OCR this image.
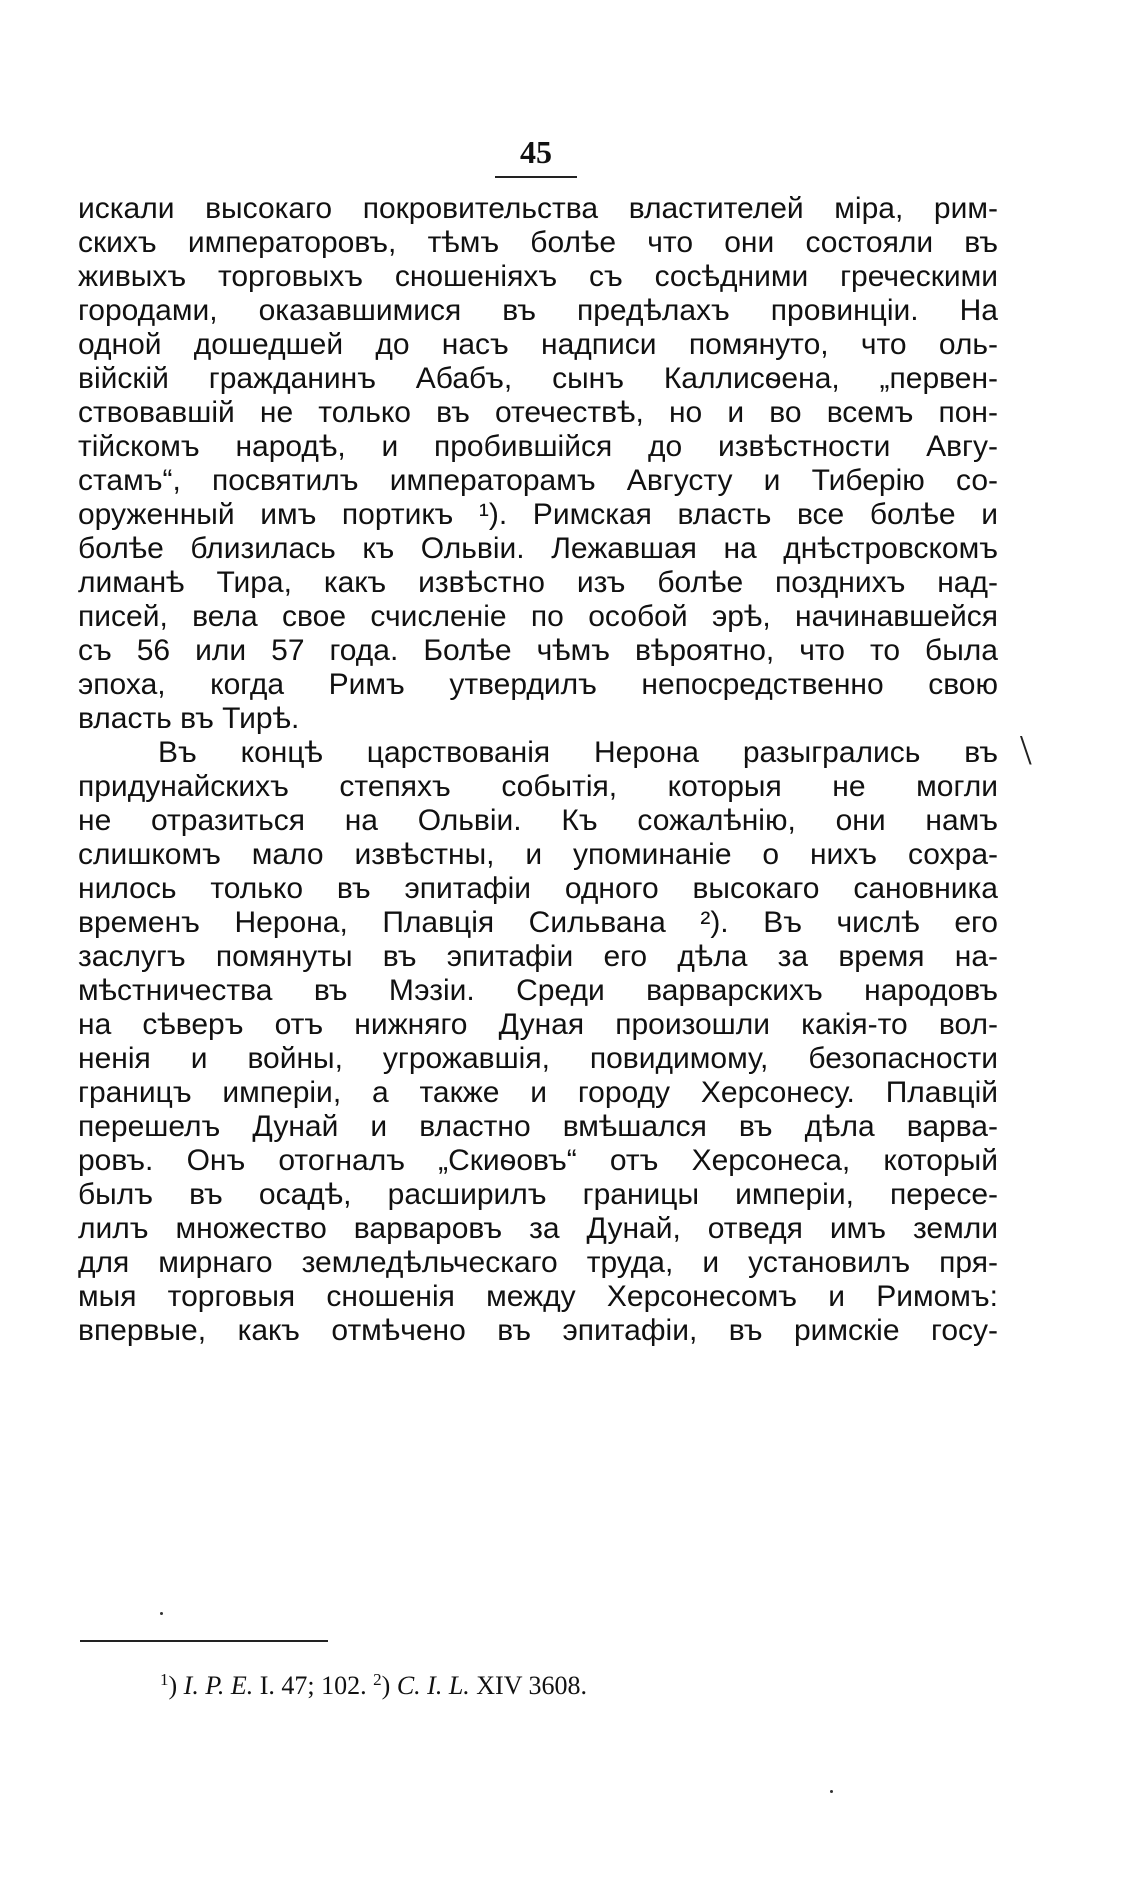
45
искали высокаго покровительства властителей міра, рим-
скихъ императоровъ, тѣмъ болѣе что они состояли въ
живыхъ торговыхъ сношеніяхъ съ сосѣдними греческими
городами, оказавшимися въ предѣлахъ провинціи. На
одной дошедшей до насъ надписи помянуто, что оль-
війскій гражданинъ Абабъ, сынъ Каллисѳена, „первен-
ствовавшій не только въ отечествѣ, но и во всемъ пон-
тійскомъ народѣ, и пробившійся до извѣстности Авгу-
стамъ“, посвятилъ императорамъ Августу и Тиберію со-
оруженный имъ портикъ ¹). Римская власть все болѣе и
болѣе близилась къ Ольвіи. Лежавшая на днѣстровскомъ
лиманѣ Тира, какъ извѣстно изъ болѣе позднихъ над-
писей, вела свое счисленіе по особой эрѣ, начинавшейся
съ 56 или 57 года. Болѣе чѣмъ вѣроятно, что то была
эпоха, когда Римъ утвердилъ непосредственно свою
власть въ Тирѣ.
Въ концѣ царствованія Нерона разыгрались въ
придунайскихъ степяхъ событія, которыя не могли
не отразиться на Ольвіи. Къ сожалѣнію, они намъ
слишкомъ мало извѣстны, и упоминаніе о нихъ сохра-
нилось только въ эпитафіи одного высокаго сановника
временъ Нерона, Плавція Сильвана ²). Въ числѣ его
заслугъ помянуты въ эпитафіи его дѣла за время на-
мѣстничества въ Мэзіи. Среди варварскихъ народовъ
на сѣверъ отъ нижняго Дуная произошли какія-то вол-
ненія и войны, угрожавшія, повидимому, безопасности
границъ имперіи, а также и городу Херсонесу. Плавцій
перешелъ Дунай и властно вмѣшался въ дѣла варва-
ровъ. Онъ отогналъ „Скиѳовъ“ отъ Херсонеса, который
былъ въ осадѣ, расширилъ границы имперіи, пересе-
лилъ множество варваровъ за Дунай, отведя имъ земли
для мирнаго земледѣльческаго труда, и установилъ пря-
мыя торговыя сношенія между Херсонесомъ и Римомъ:
впервые, какъ отмѣчено въ эпитафіи, въ римскіе госу-
\
$^1$) I. P. E. I. 47; 102. $^2$) C. I. L. XIV 3608.
